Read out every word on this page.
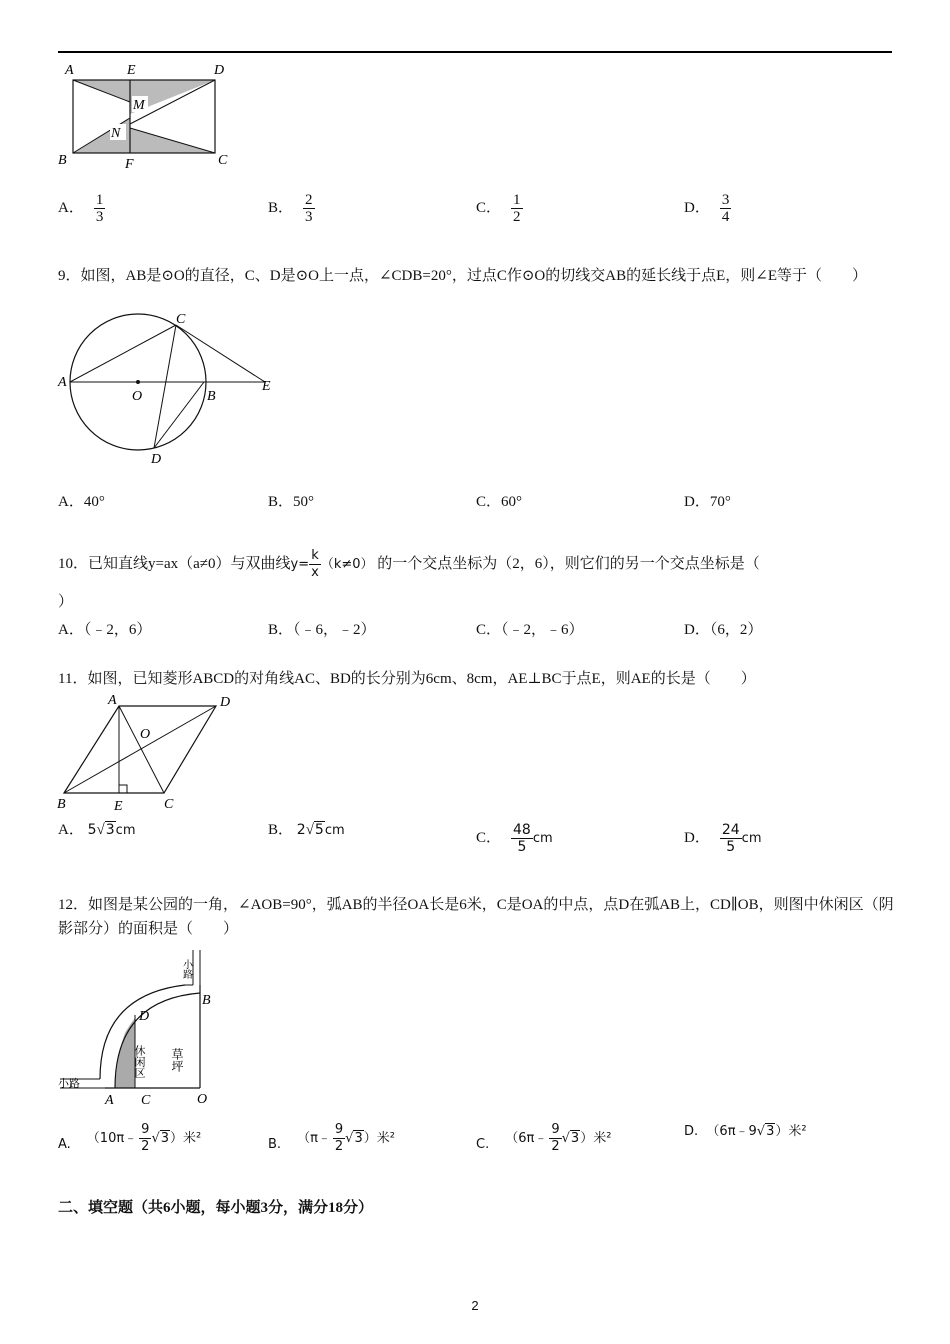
A	E	D
M
N
B	F	C
A． $\frac{1}{3}$	B． $\frac{2}{3}$	C． $\frac{1}{2}$	D． $\frac{3}{4}$
9．如图，AB是⊙O的直径，C、D是⊙O上一点，∠CDB=20°，过点C作⊙O的切线交AB的延长线于点E，则∠E等于（　　）
A
O	B
E
C
D
A．40°	B．50°	C．60°	D．70°
10．已知直线y=ax（a≠0）与双曲线$y= \frac{k}{x} (k\ne 0)$ 的一个交点坐标为（2，6），则它们的另一个交点坐标是（
）
A．（﹣2，6）	B．（﹣6，﹣2）	C．（﹣2，﹣6）	D．（6，2）
11．如图，已知菱形ABCD的对角线AC、BD的长分别为6cm、8cm，AE⊥BC于点E，则AE的长是（　　）
A	D
O
B	E	C
A． 5√3cm	B． 2√5cm	C． $\frac{48}{5}$ cm	D． $\frac{24}{5}$ cm
12．如图是某公园的一角，∠AOB=90°，弧AB的半径OA长是6米，C是OA的中点，点D在弧AB上，CD∥OB，则图中休闲区（阴影部分）的面积是（　　）
小路
小路
休闲区 草坪
D
B
A C	O
A. （10π﹣ $\frac{9}{2} √3$）米²	B. （π﹣ $\frac{9}{2} √3$）米²	C. （6π﹣ $\frac{9}{2} √3$）米²	D. （6π﹣9√3）米²
二、填空题（共6小题，每小题3分，满分18分）
2
